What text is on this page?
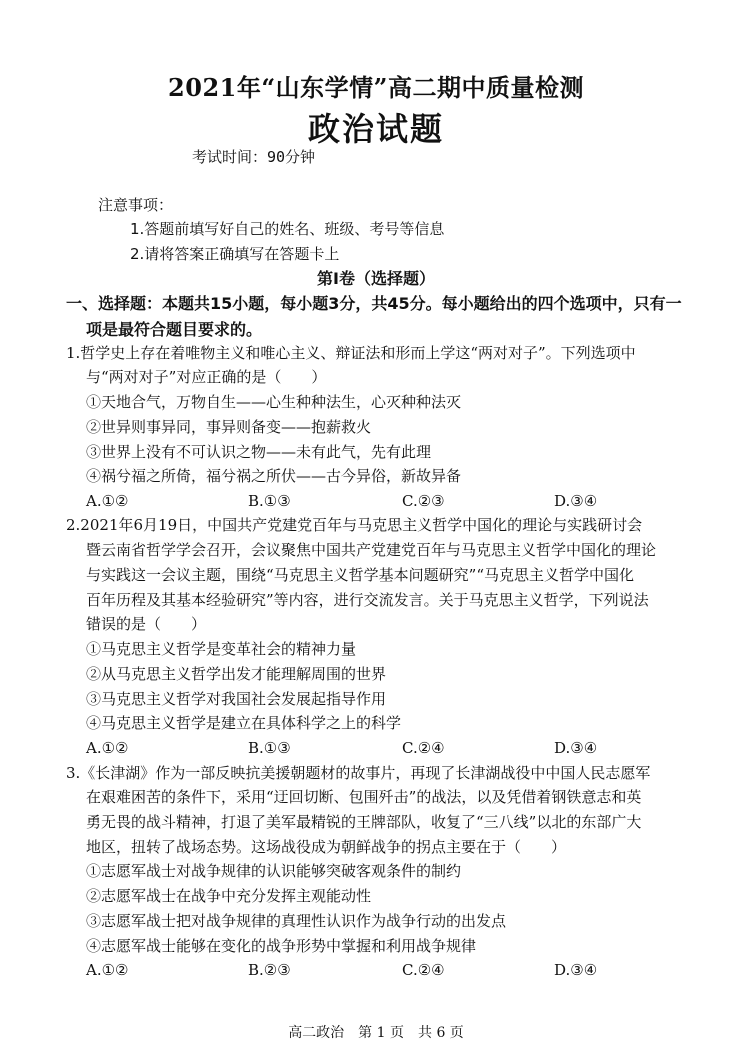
2021年“山东学情”高二期中质量检测
政治试题
考试时间：90分钟
注意事项：
1.答题前填写好自己的姓名、班级、考号等信息
2.请将答案正确填写在答题卡上
第Ⅰ卷（选择题）
一、选择题：本题共15小题，每小题3分，共45分。每小题给出的四个选项中，只有一
项是最符合题目要求的。
1.哲学史上存在着唯物主义和唯心主义、辩证法和形而上学这“两对对子”。下列选项中
与“两对对子”对应正确的是（　　）
①天地合气，万物自生——心生种种法生，心灭种种法灭
②世异则事异同，事异则备变——抱薪救火
③世界上没有不可认识之物——未有此气，先有此理
④祸兮福之所倚，福兮祸之所伏——古今异俗，新故异备
A.①②	B.①③	C.②③	D.③④
2.2021年6月19日，中国共产党建党百年与马克思主义哲学中国化的理论与实践研讨会
暨云南省哲学学会召开，会议聚焦中国共产党建党百年与马克思主义哲学中国化的理论
与实践这一会议主题，围绕“马克思主义哲学基本问题研究”“马克思主义哲学中国化
百年历程及其基本经验研究”等内容，进行交流发言。关于马克思主义哲学，下列说法
错误的是（　　）
①马克思主义哲学是变革社会的精神力量
②从马克思主义哲学出发才能理解周围的世界
③马克思主义哲学对我国社会发展起指导作用
④马克思主义哲学是建立在具体科学之上的科学
A.①②	B.①③	C.②④	D.③④
3.《长津湖》作为一部反映抗美援朝题材的故事片，再现了长津湖战役中中国人民志愿军
在艰难困苦的条件下，采用“迂回切断、包围歼击”的战法，以及凭借着钢铁意志和英
勇无畏的战斗精神，打退了美军最精锐的王牌部队，收复了“三八线”以北的东部广大
地区，扭转了战场态势。这场战役成为朝鲜战争的拐点主要在于（　　）
①志愿军战士对战争规律的认识能够突破客观条件的制约
②志愿军战士在战争中充分发挥主观能动性
③志愿军战士把对战争规律的真理性认识作为战争行动的出发点
④志愿军战士能够在变化的战争形势中掌握和利用战争规律
A.①②	B.②③	C.②④	D.③④
高二政治　第 1 页　共 6 页
